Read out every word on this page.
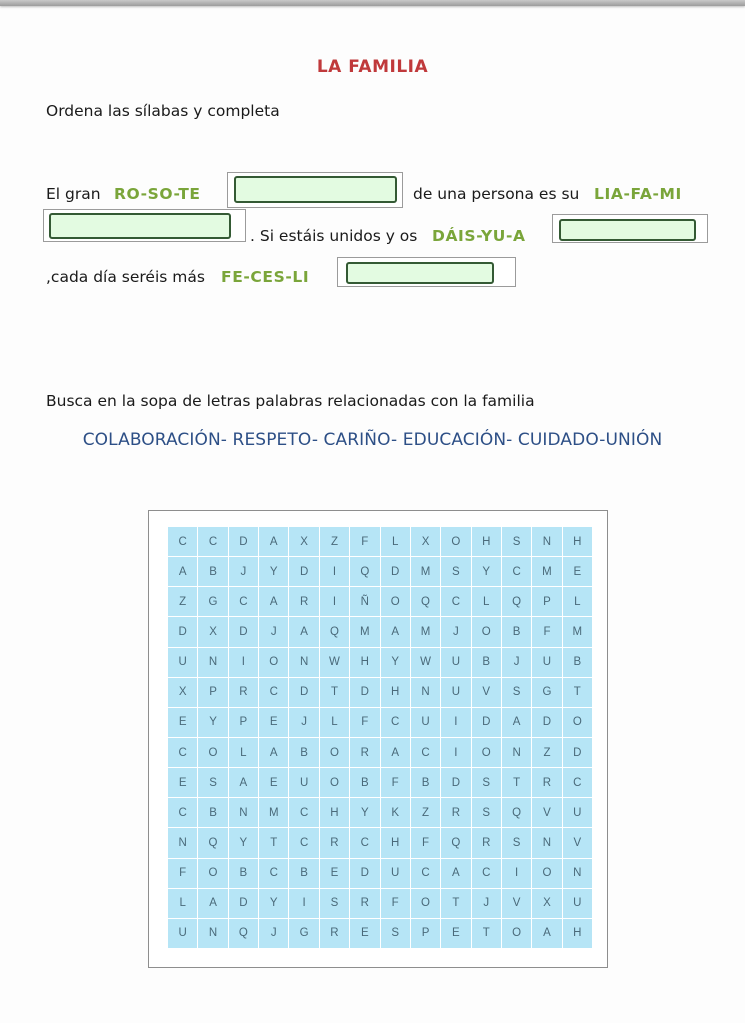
LA FAMILIA
Ordena las sílabas y completa
El gran RO-SO-TE	de una persona es su LIA-FA-MI
. Si estáis unidos y os DÁIS-YU-A
,cada día seréis más FE-CES-LI
Busca en la sopa de letras palabras relacionadas con la familia
COLABORACIÓN- RESPETO- CARIÑO- EDUCACIÓN- CUIDADO-UNIÓN
C	C	D	A	X	Z	F	L	X	O	H	S	N	H
A	B	J	Y	D	I	Q	D	M	S	Y	C	M	E
Z	G	C	A	R	I	Ñ	O	Q	C	L	Q	P	L
D	X	D	J	A	Q	M	A	M	J	O	B	F	M
U	N	I	O	N	W	H	Y	W	U	B	J	U	B
X	P	R	C	D	T	D	H	N	U	V	S	G	T
E	Y	P	E	J	L	F	C	U	I	D	A	D	O
C	O	L	A	B	O	R	A	C	I	O	N	Z	D
E	S	A	E	U	O	B	F	B	D	S	T	R	C
C	B	N	M	C	H	Y	K	Z	R	S	Q	V	U
N	Q	Y	T	C	R	C	H	F	Q	R	S	N	V
F	O	B	C	B	E	D	U	C	A	C	I	O	N
L	A	D	Y	I	S	R	F	O	T	J	V	X	U
U	N	Q	J	G	R	E	S	P	E	T	O	A	H
